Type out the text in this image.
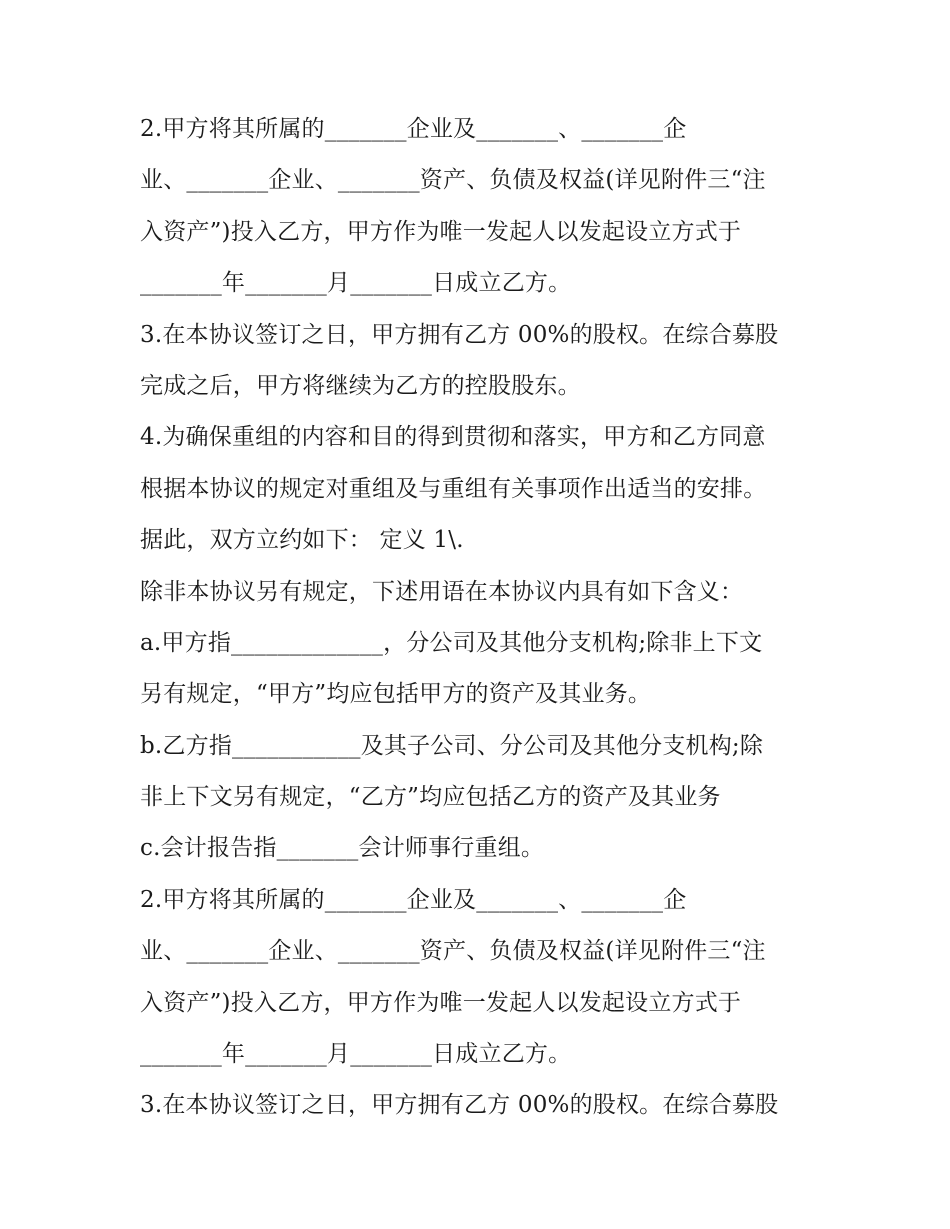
2.甲方将其所属的_______企业及_______、_______企
业、_______企业、_______资产、负债及权益(详见附件三“注
入资产”)投入乙方，甲方作为唯一发起人以发起设立方式于
_______年_______月_______日成立乙方。
3.在本协议签订之日，甲方拥有乙方 00%的股权。在综合募股
完成之后，甲方将继续为乙方的控股股东。
4.为确保重组的内容和目的得到贯彻和落实，甲方和乙方同意
根据本协议的规定对重组及与重组有关事项作出适当的安排。
据此，双方立约如下： 定义 1\.
除非本协议另有规定，下述用语在本协议内具有如下含义：
a.甲方指_____________，分公司及其他分支机构;除非上下文
另有规定，“甲方”均应包括甲方的资产及其业务。
b.乙方指___________及其子公司、分公司及其他分支机构;除
非上下文另有规定，“乙方”均应包括乙方的资产及其业务
c.会计报告指_______会计师事行重组。
2.甲方将其所属的_______企业及_______、_______企
业、_______企业、_______资产、负债及权益(详见附件三“注
入资产”)投入乙方，甲方作为唯一发起人以发起设立方式于
_______年_______月_______日成立乙方。
3.在本协议签订之日，甲方拥有乙方 00%的股权。在综合募股
